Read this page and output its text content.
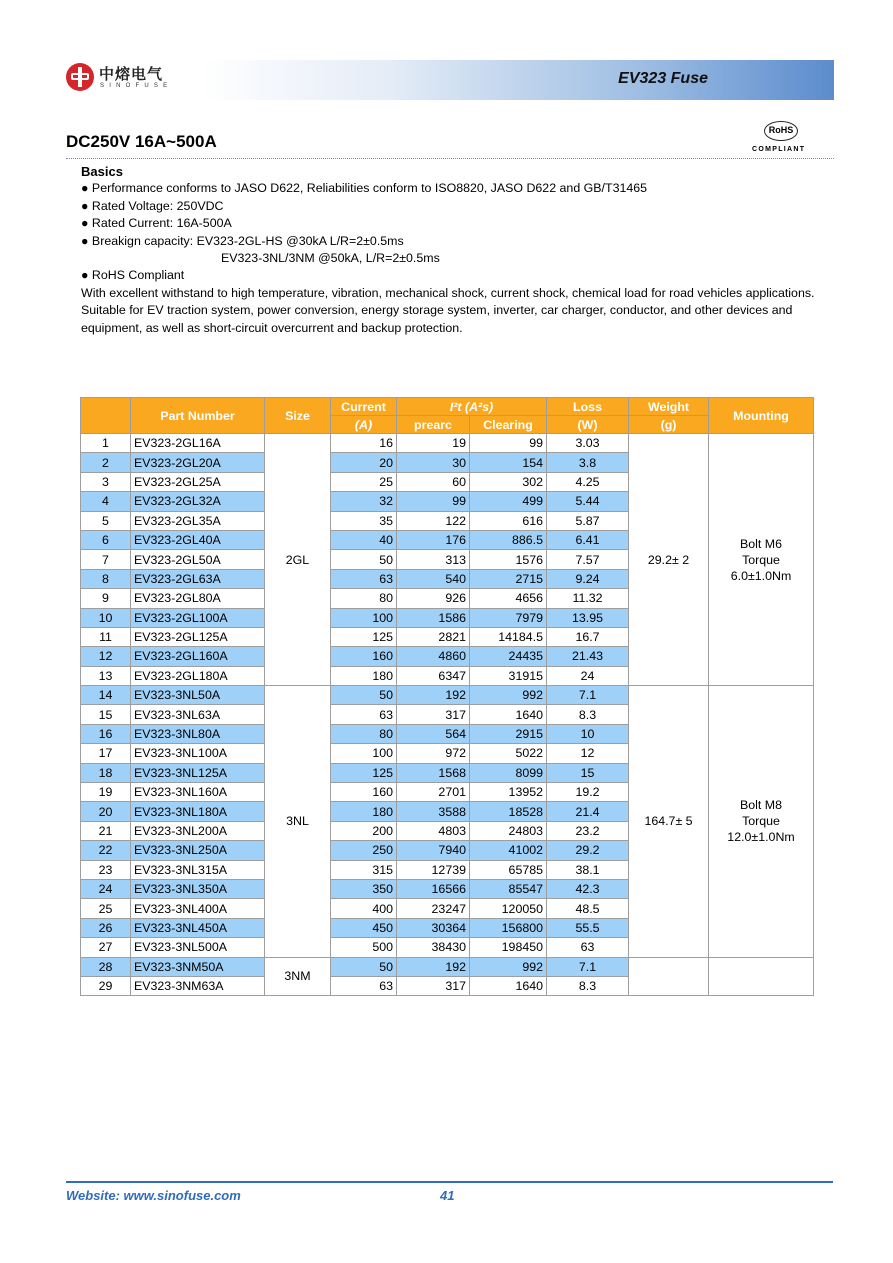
中熔电气
SINOFUSE	EV323 Fuse
DC250V 16A~500A
RoHS
COMPLIANT
Basics
● Performance conforms to JASO D622, Reliabilities conform to ISO8820, JASO D622 and GB/T31465
● Rated Voltage: 250VDC
● Rated Current: 16A-500A
● Breakign capacity: EV323-2GL-HS @30kA L/R=2±0.5ms
EV323-3NL/3NM @50kA, L/R=2±0.5ms
● RoHS Compliant
With excellent withstand to high temperature, vibration, mechanical shock, current shock, chemical load for road vehicles applications. Suitable for EV traction system, power conversion, energy storage system, inverter, car charger, conductor, and other devices and equipment, as well as short-circuit overcurrent and backup protection.
	Part Number	Size	Current	I²t (A²s)		Loss	Weight	Mounting
			(A)	prearc	Clearing	(W)	(g)	
1	EV323-2GL16A	2GL	16	19	99	3.03	29.2± 2	Bolt M6
Torque
6.0±1.0Nm

2	EV323-2GL20A		20	30	154	3.8		
3	EV323-2GL25A		25	60	302	4.25		
4	EV323-2GL32A		32	99	499	5.44		
5	EV323-2GL35A		35	122	616	5.87		
6	EV323-2GL40A		40	176	886.5	6.41		
7	EV323-2GL50A		50	313	1576	7.57		
8	EV323-2GL63A		63	540	2715	9.24		
9	EV323-2GL80A		80	926	4656	11.32		
10	EV323-2GL100A		100	1586	7979	13.95		
11	EV323-2GL125A		125	2821	14184.5	16.7		
12	EV323-2GL160A		160	4860	24435	21.43		
13	EV323-2GL180A		180	6347	31915	24		
14	EV323-3NL50A	3NL	50	192	992	7.1	164.7± 5	Bolt M8
Torque
12.0±1.0Nm

15	EV323-3NL63A		63	317	1640	8.3		
16	EV323-3NL80A		80	564	2915	10		
17	EV323-3NL100A		100	972	5022	12		
18	EV323-3NL125A		125	1568	8099	15		
19	EV323-3NL160A		160	2701	13952	19.2		
20	EV323-3NL180A		180	3588	18528	21.4		
21	EV323-3NL200A		200	4803	24803	23.2		
22	EV323-3NL250A		250	7940	41002	29.2		
23	EV323-3NL315A		315	12739	65785	38.1		
24	EV323-3NL350A		350	16566	85547	42.3		
25	EV323-3NL400A		400	23247	120050	48.5		
26	EV323-3NL450A		450	30364	156800	55.5		
27	EV323-3NL500A		500	38430	198450	63		
28	EV323-3NM50A	3NM	50	192	992	7.1		

29	EV323-3NM63A		63	317	1640	8.3		
Website: www.sinofuse.com	41
